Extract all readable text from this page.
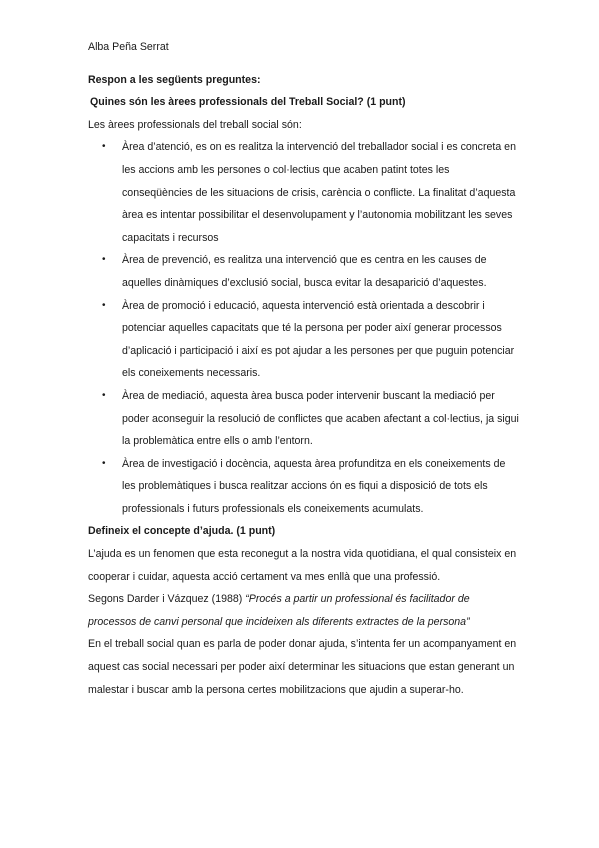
Alba Peña Serrat

Respon a les següents preguntes:

Quines són les àrees professionals del Treball Social? (1 punt)

Les àrees professionals del treball social són:

• Àrea d’atenció, es on es realitza la intervenció del treballador social i es concreta en les accions amb les persones o col·lectius que acaben patint totes les conseqüències de les situacions de crisis, carència o conflicte. La finalitat d’aquesta àrea es intentar possibilitar el desenvolupament y l’autonomia mobilitzant les seves capacitats i recursos
• Àrea de prevenció, es realitza una intervenció que es centra en les causes de aquelles dinàmiques d’exclusió social, busca evitar la desaparició d’aquestes.
• Àrea de promoció i educació, aquesta intervenció està orientada a descobrir i potenciar aquelles capacitats que té la persona per poder així generar processos d’aplicació i participació i així es pot ajudar a les persones per que puguin potenciar els coneixements necessaris.
• Àrea de mediació, aquesta àrea busca poder intervenir buscant la mediació per poder aconseguir la resolució de conflictes que acaben afectant a col·lectius, ja sigui la problemàtica entre ells o amb l’entorn.
• Àrea de investigació i docència, aquesta àrea profunditza en els coneixements de les problemàtiques i busca realitzar accions ón es fiqui a disposició de tots els professionals i futurs professionals els coneixements acumulats.

Defineix el concepte d’ajuda. (1 punt)

L’ajuda es un fenomen que esta reconegut a la nostra vida quotidiana, el qual consisteix en cooperar i cuidar, aquesta acció certament va mes enllà que una professió.

Segons Darder i Vázquez (1988) “Procés a partir un professional és facilitador de processos de canvi personal que incideixen als diferents extractes de la persona”

En el treball social quan es parla de poder donar ajuda, s’intenta fer un acompanyament en aquest cas social necessari per poder així determinar les situacions que estan generant un malestar i buscar amb la persona certes mobilitzacions que ajudin a superar-ho.
